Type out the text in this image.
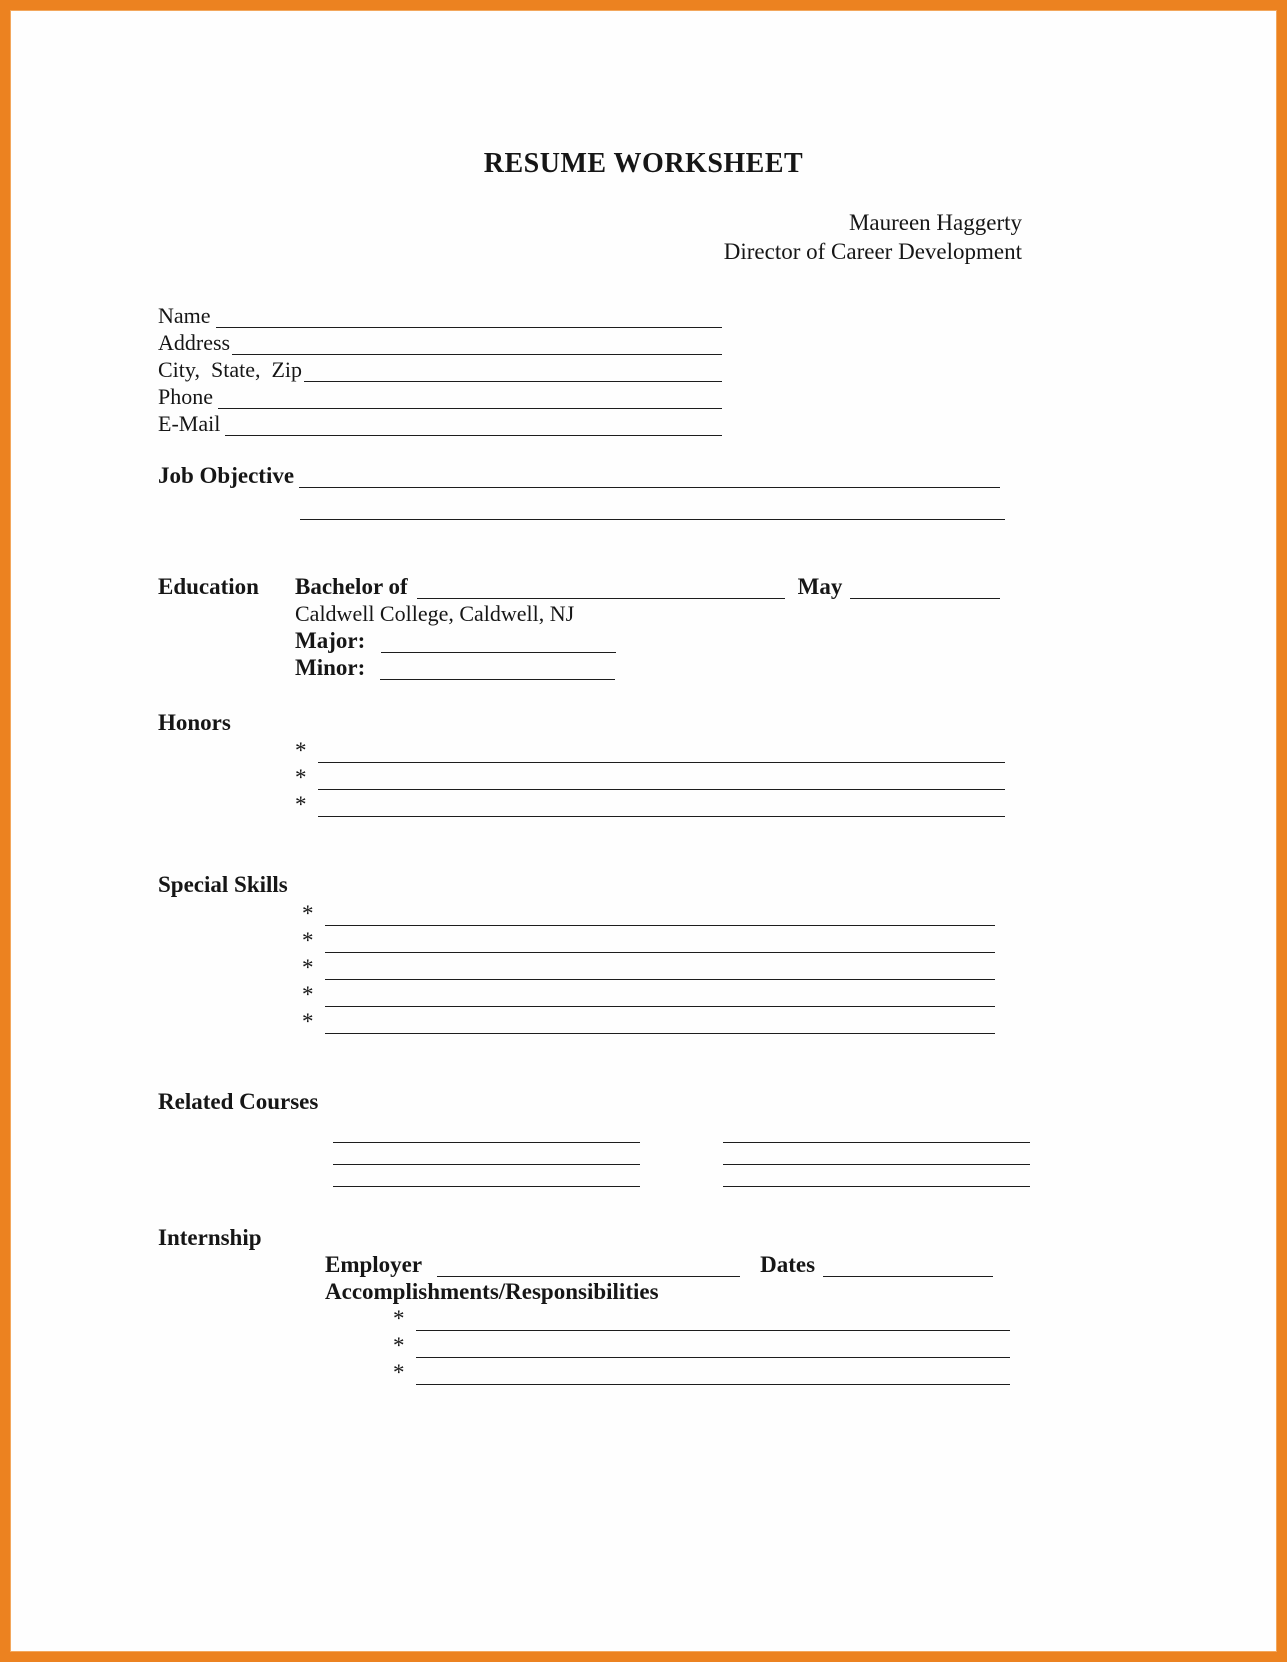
RESUME WORKSHEET
Maureen Haggerty
Director of Career Development
Name
Address
City,  State,  Zip
Phone
E-Mail
Job Objective
Education Bachelor of	May
Caldwell College, Caldwell, NJ
Major:
Minor:
Honors
*
*
*
Special Skills
*
*
*
*
*
Related Courses
Internship
Employer	Dates
Accomplishments/Responsibilities
*
*
*
